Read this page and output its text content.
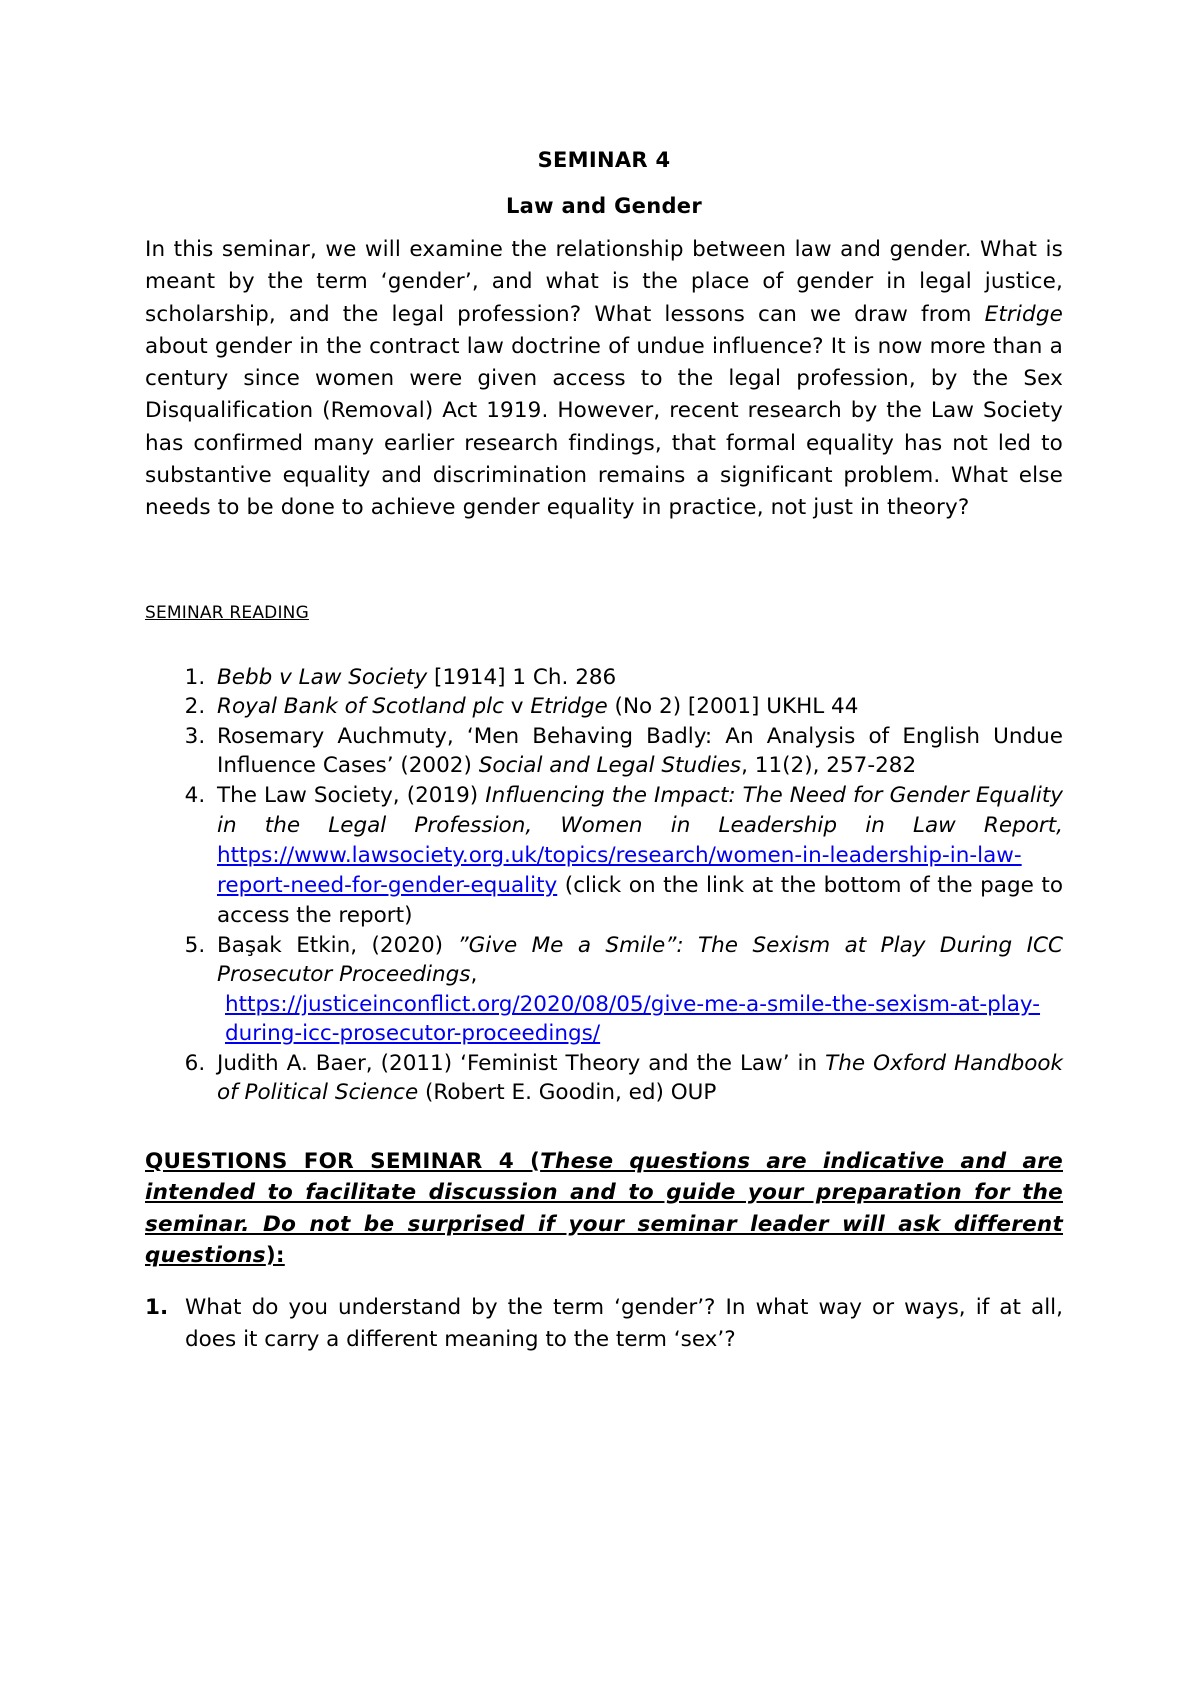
SEMINAR 4

Law and Gender

In this seminar, we will examine the relationship between law and gender. What is meant by the term ‘gender’, and what is the place of gender in legal justice, scholarship, and the legal profession? What lessons can we draw from Etridge about gender in the contract law doctrine of undue influence? It is now more than a century since women were given access to the legal profession, by the Sex Disqualification (Removal) Act 1919. However, recent research by the Law Society has confirmed many earlier research findings, that formal equality has not led to substantive equality and discrimination remains a significant problem. What else needs to be done to achieve gender equality in practice, not just in theory?
SEMINAR READING
1. Bebb v Law Society [1914] 1 Ch. 286
2. Royal Bank of Scotland plc v Etridge (No 2) [2001] UKHL 44
3. Rosemary Auchmuty, ‘Men Behaving Badly: An Analysis of English Undue Influence Cases’ (2002) Social and Legal Studies, 11(2), 257-282
4. The Law Society, (2019) Influencing the Impact: The Need for Gender Equality in the Legal Profession, Women in Leadership in Law Report, https://www.lawsociety.org.uk/topics/research/women-in-leadership-in-law-report-need-for-gender-equality (click on the link at the bottom of the page to access the report)
5. Başak Etkin, (2020) ”Give Me a Smile”: The Sexism at Play During ICC Prosecutor Proceedings,
https://justiceinconflict.org/2020/08/05/give-me-a-smile-the-sexism-at-play-during-icc-prosecutor-proceedings/
6. Judith A. Baer, (2011) ‘Feminist Theory and the Law’ in The Oxford Handbook of Political Science (Robert E. Goodin, ed) OUP
QUESTIONS FOR SEMINAR 4 (These questions are indicative and are intended to facilitate discussion and to guide your preparation for the seminar. Do not be surprised if your seminar leader will ask different questions):
1. What do you understand by the term ‘gender’? In what way or ways, if at all, does it carry a different meaning to the term ‘sex’?
